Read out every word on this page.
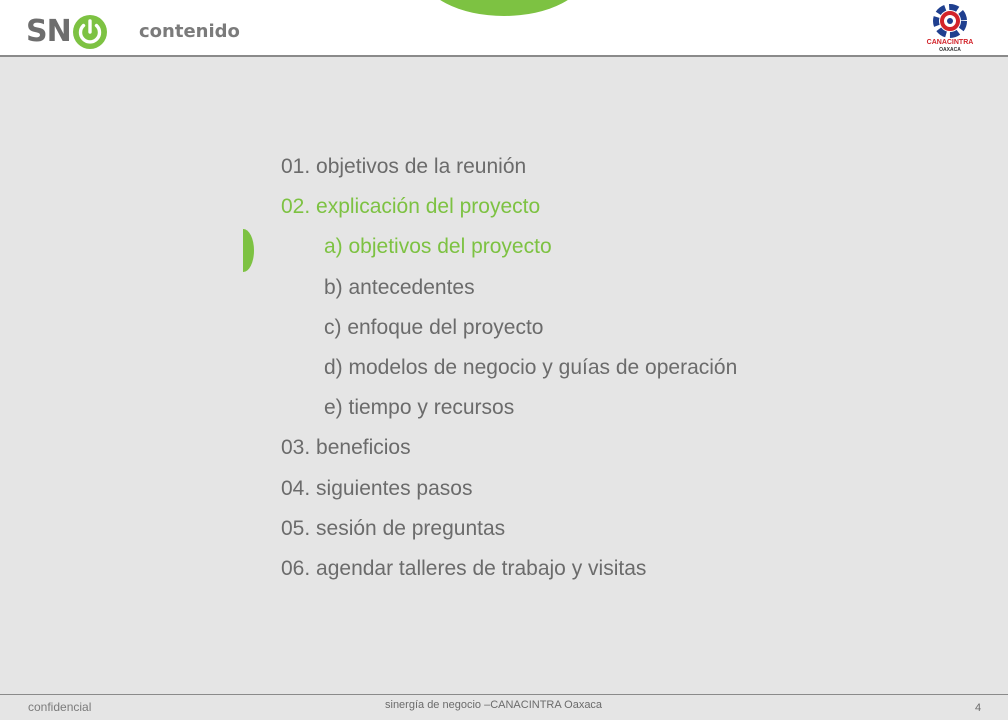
SN	contenido
CANACINTRA
OAXACA
01. objetivos de la reunión
02. explicación del proyecto
a) objetivos del proyecto
b) antecedentes
c) enfoque del proyecto
d) modelos de negocio y guías de operación
e) tiempo y recursos
03. beneficios
04. siguientes pasos
05. sesión de preguntas
06. agendar talleres de trabajo y visitas
confidencial	sinergía de negocio –CANACINTRA Oaxaca	4
